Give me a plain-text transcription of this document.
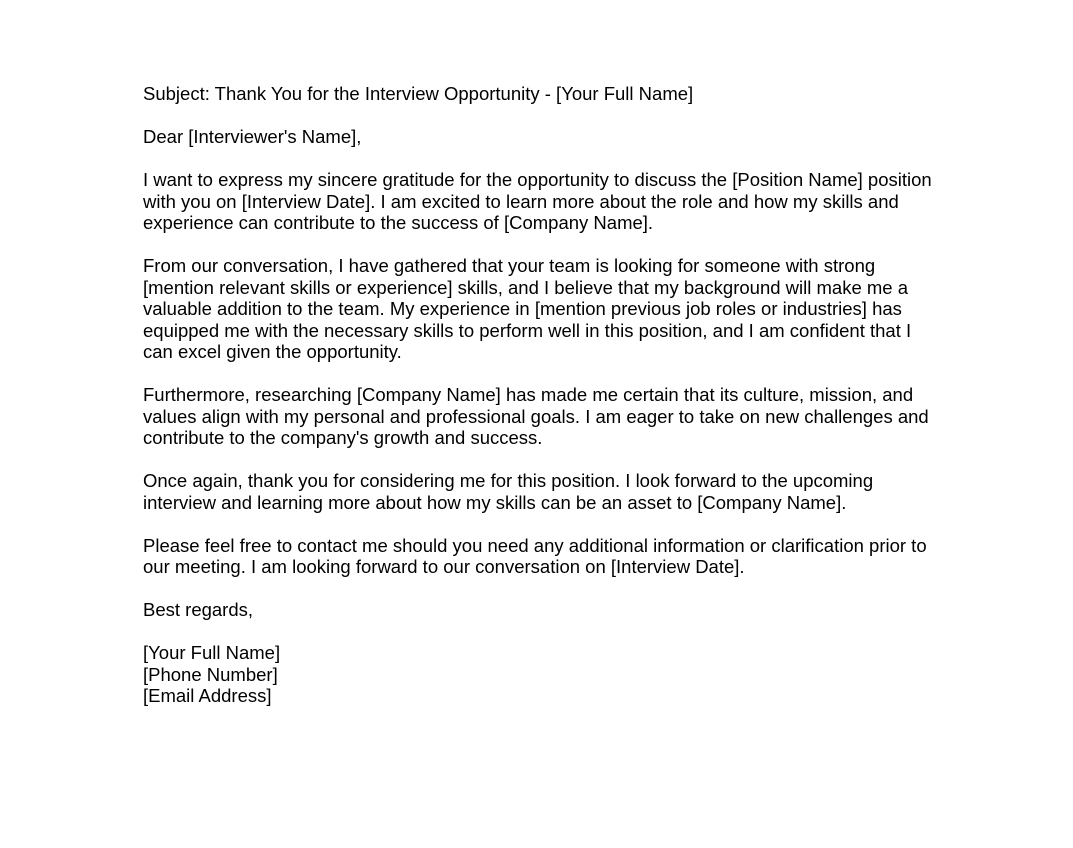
Subject: Thank You for the Interview Opportunity - [Your Full Name]

Dear [Interviewer's Name],

I want to express my sincere gratitude for the opportunity to discuss the [Position Name] position with you on [Interview Date]. I am excited to learn more about the role and how my skills and experience can contribute to the success of [Company Name].

From our conversation, I have gathered that your team is looking for someone with strong [mention relevant skills or experience] skills, and I believe that my background will make me a valuable addition to the team. My experience in [mention previous job roles or industries] has equipped me with the necessary skills to perform well in this position, and I am confident that I can excel given the opportunity.

Furthermore, researching [Company Name] has made me certain that its culture, mission, and values align with my personal and professional goals. I am eager to take on new challenges and contribute to the company's growth and success.

Once again, thank you for considering me for this position. I look forward to the upcoming interview and learning more about how my skills can be an asset to [Company Name].

Please feel free to contact me should you need any additional information or clarification prior to our meeting. I am looking forward to our conversation on [Interview Date].

Best regards,

[Your Full Name]

[Phone Number]

[Email Address]
